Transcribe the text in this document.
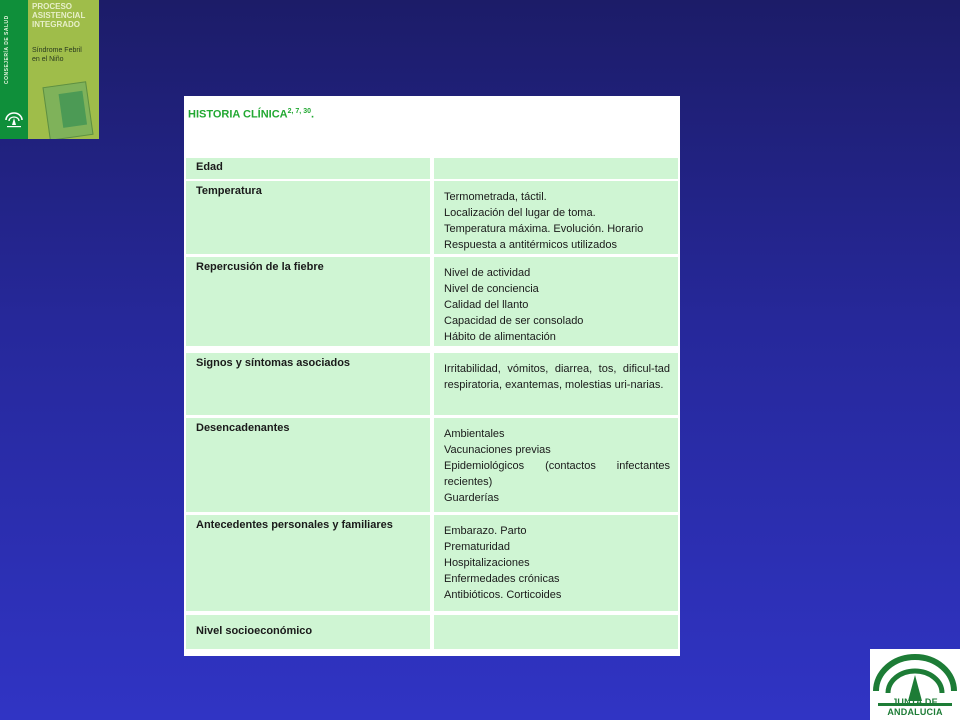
CONSEJERÍA DE SALUD
PROCESO
ASISTENCIAL
INTEGRADO
Síndrome Febril
en el Niño
HISTORIA CLÍNICA$^{2, 7, 30}$.
Edad
Temperatura	Termometrada, táctil.
Localización del lugar de toma.
Temperatura máxima. Evolución. Horario
Respuesta a antitérmicos utilizados
Repercusión de la fiebre	Nivel de actividad
Nivel de conciencia
Calidad del llanto
Capacidad de ser consolado
Hábito de alimentación
Signos y síntomas asociados	Irritabilidad, vómitos, diarrea, tos, dificul-tad respiratoria, exantemas, molestias uri-narias.
Desencadenantes	Ambientales
Vacunaciones previas
Epidemiológicos (contactos infectantes recientes)
Guarderías
Antecedentes personales y familiares	Embarazo. Parto
Prematuridad
Hospitalizaciones
Enfermedades crónicas
Antibióticos. Corticoides
Nivel socioeconómico
JUNTA DE ANDALUCIA
